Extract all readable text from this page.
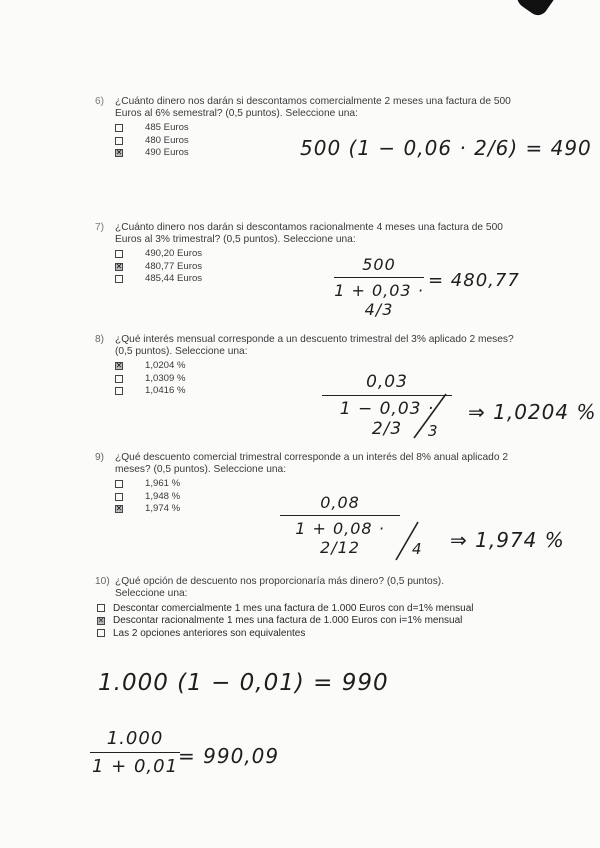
6) ¿Cuánto dinero nos darán si descontamos comercialmente 2 meses una factura de 500 Euros al 6% semestral? (0,5 puntos). Seleccione una:
485 Euros
480 Euros
✕ 490 Euros	500 (1 − 0,06 · 2/6) = 490
7) ¿Cuánto dinero nos darán si descontamos racionalmente 4 meses una factura de 500 Euros al 3% trimestral? (0,5 puntos). Seleccione una:
490,20 Euros
✕ 480,77 Euros
485,44 Euros
500
1 + 0,03 · 4/3
= 480,77
8) ¿Qué interés mensual corresponde a un descuento trimestral del 3% aplicado 2 meses? (0,5 puntos). Seleccione una:
✕ 1,0204 %
1,0309 %
1,0416 %	0,03
1 − 0,03 · 2/3	3
⇒ 1,0204 %
9) ¿Qué descuento comercial trimestral corresponde a un interés del 8% anual aplicado 2 meses? (0,5 puntos). Seleccione una:
1,961 %
1,948 %
✕ 1,974 %	0,08
1 + 0,08 · 2/12	4 ⇒ 1,974 %
10) ¿Qué opción de descuento nos proporcionaría más dinero? (0,5 puntos). Seleccione una:
Descontar comercialmente 1 mes una factura de 1.000 Euros con d=1% mensual
✕ Descontar racionalmente 1 mes una factura de 1.000 Euros con i=1% mensual
Las 2 opciones anteriores son equivalentes
1.000 (1 − 0,01) = 990
1.000
1 + 0,01 = 990,09
